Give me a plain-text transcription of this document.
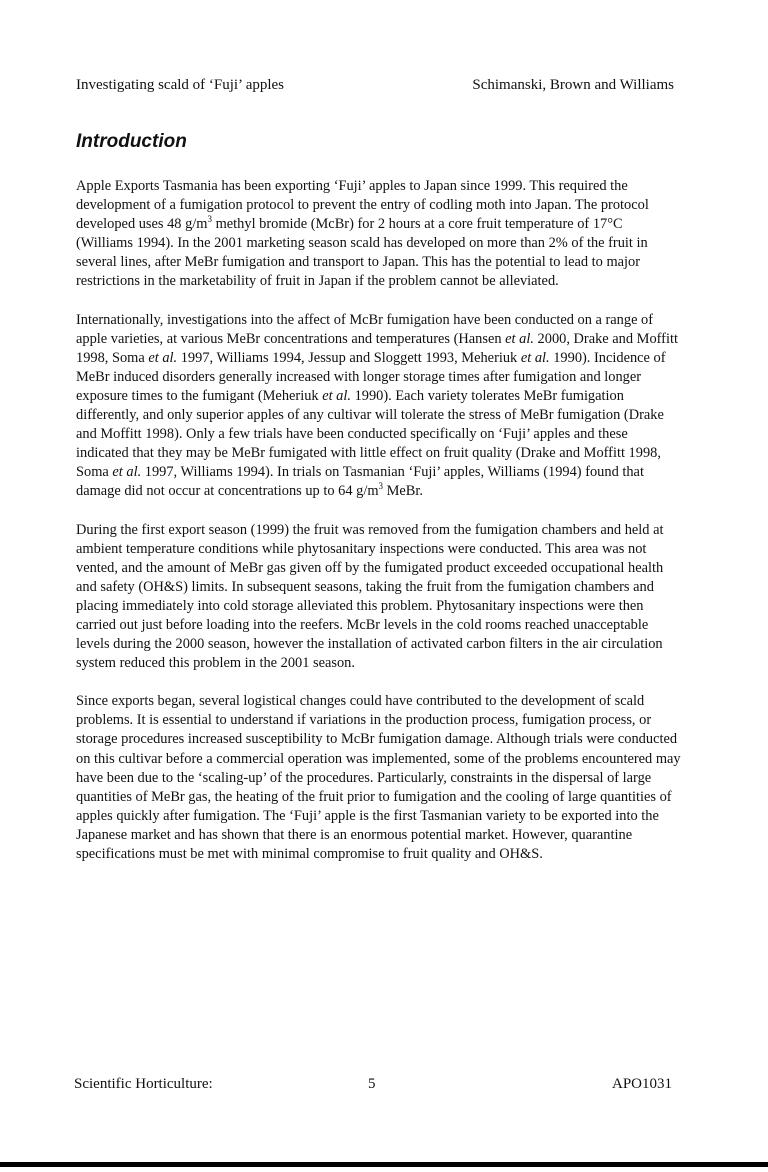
Investigating scald of ‘Fuji’ apples	Schimanski, Brown and Williams
Introduction

Apple Exports Tasmania has been exporting ‘Fuji’ apples to Japan since 1999. This required the development of a fumigation protocol to prevent the entry of codling moth into Japan. The protocol developed uses 48 $g/m^3$ methyl bromide (McBr) for 2 hours at a core fruit temperature of 17°C (Williams 1994). In the 2001 marketing season scald has developed on more than 2% of the fruit in several lines, after MeBr fumigation and transport to Japan. This has the potential to lead to major restrictions in the marketability of fruit in Japan if the problem cannot be alleviated.

Internationally, investigations into the affect of McBr fumigation have been conducted on a range of apple varieties, at various MeBr concentrations and temperatures (Hansen et al. 2000, Drake and Moffitt 1998, Soma et al. 1997, Williams 1994, Jessup and Sloggett 1993, Meheriuk et al. 1990). Incidence of MeBr induced disorders generally increased with longer storage times after fumigation and longer exposure times to the fumigant (Meheriuk et al. 1990). Each variety tolerates MeBr fumigation differently, and only superior apples of any cultivar will tolerate the stress of MeBr fumigation (Drake and Moffitt 1998). Only a few trials have been conducted specifically on ‘Fuji’ apples and these indicated that they may be MeBr fumigated with little effect on fruit quality (Drake and Moffitt 1998, Soma et al. 1997, Williams 1994). In trials on Tasmanian ‘Fuji’ apples, Williams (1994) found that damage did not occur at concentrations up to 64 $g/m^3$ MeBr.

During the first export season (1999) the fruit was removed from the fumigation chambers and held at ambient temperature conditions while phytosanitary inspections were conducted. This area was not vented, and the amount of MeBr gas given off by the fumigated product exceeded occupational health and safety (OH&S) limits. In subsequent seasons, taking the fruit from the fumigation chambers and placing immediately into cold storage alleviated this problem. Phytosanitary inspections were then carried out just before loading into the reefers. McBr levels in the cold rooms reached unacceptable levels during the 2000 season, however the installation of activated carbon filters in the air circulation system reduced this problem in the 2001 season.

Since exports began, several logistical changes could have contributed to the development of scald problems. It is essential to understand if variations in the production process, fumigation process, or storage procedures increased susceptibility to McBr fumigation damage. Although trials were conducted on this cultivar before a commercial operation was implemented, some of the problems encountered may have been due to the ‘scaling-up’ of the procedures. Particularly, constraints in the dispersal of large quantities of MeBr gas, the heating of the fruit prior to fumigation and the cooling of large quantities of apples quickly after fumigation. The ‘Fuji’ apple is the first Tasmanian variety to be exported into the Japanese market and has shown that there is an enormous potential market. However, quarantine specifications must be met with minimal compromise to fruit quality and OH&S.

Scientific Horticulture:	5	APO1031
